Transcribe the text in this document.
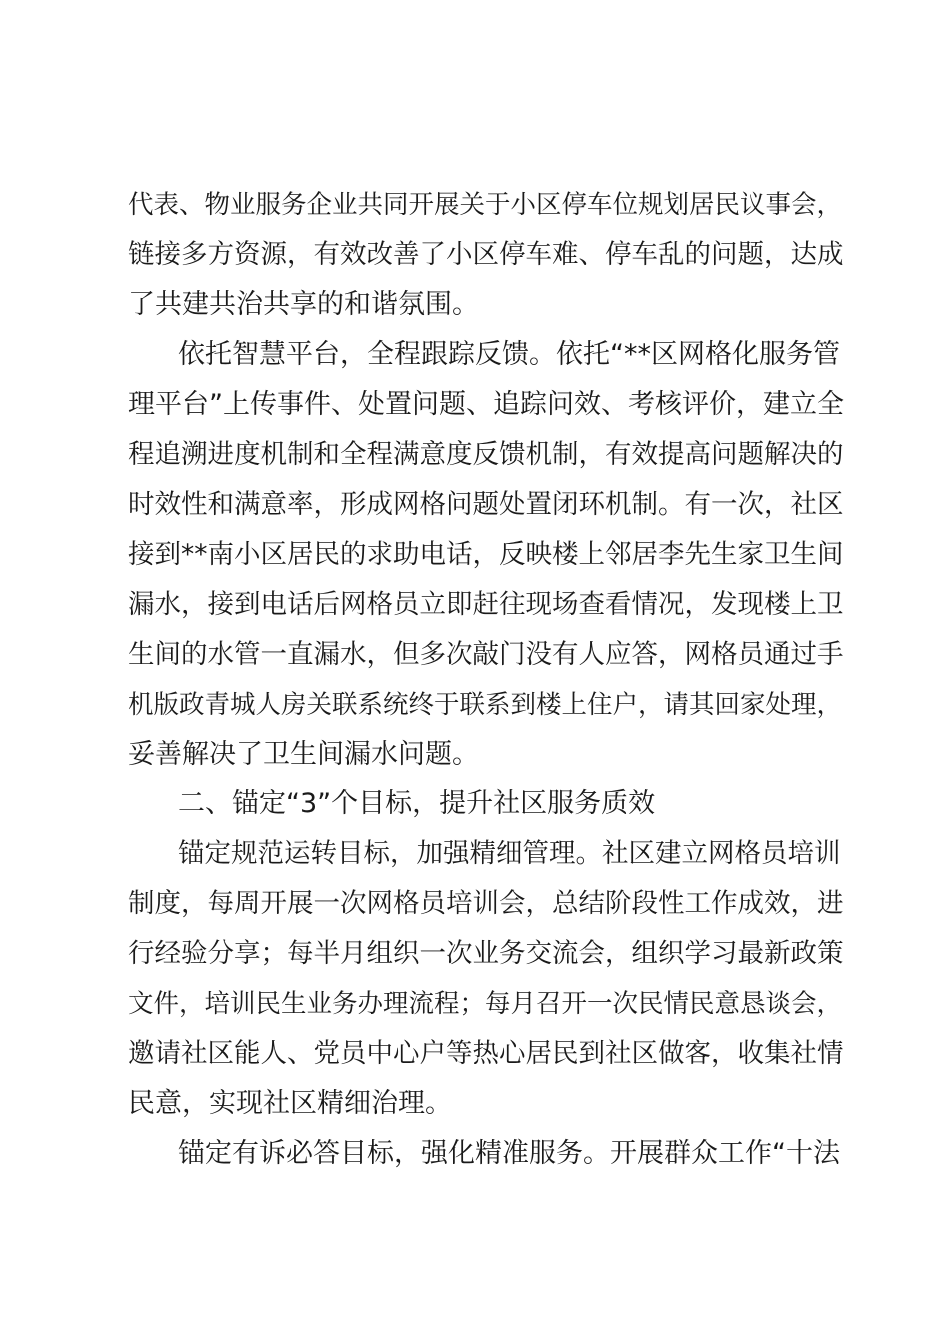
代表、物业服务企业共同开展关于小区停车位规划居民议事会，
链接多方资源，有效改善了小区停车难、停车乱的问题，达成
了共建共治共享的和谐氛围。
依托智慧平台，全程跟踪反馈。依托“**区网格化服务管
理平台”上传事件、处置问题、追踪问效、考核评价，建立全
程追溯进度机制和全程满意度反馈机制，有效提高问题解决的
时效性和满意率，形成网格问题处置闭环机制。有一次，社区
接到**南小区居民的求助电话，反映楼上邻居李先生家卫生间
漏水，接到电话后网格员立即赶往现场查看情况，发现楼上卫
生间的水管一直漏水，但多次敲门没有人应答，网格员通过手
机版政青城人房关联系统终于联系到楼上住户，请其回家处理，
妥善解决了卫生间漏水问题。
二、锚定“3”个目标，提升社区服务质效
锚定规范运转目标，加强精细管理。社区建立网格员培训
制度，每周开展一次网格员培训会，总结阶段性工作成效，进
行经验分享；每半月组织一次业务交流会，组织学习最新政策
文件，培训民生业务办理流程；每月召开一次民情民意恳谈会，
邀请社区能人、党员中心户等热心居民到社区做客，收集社情
民意，实现社区精细治理。
锚定有诉必答目标，强化精准服务。开展群众工作“十法
